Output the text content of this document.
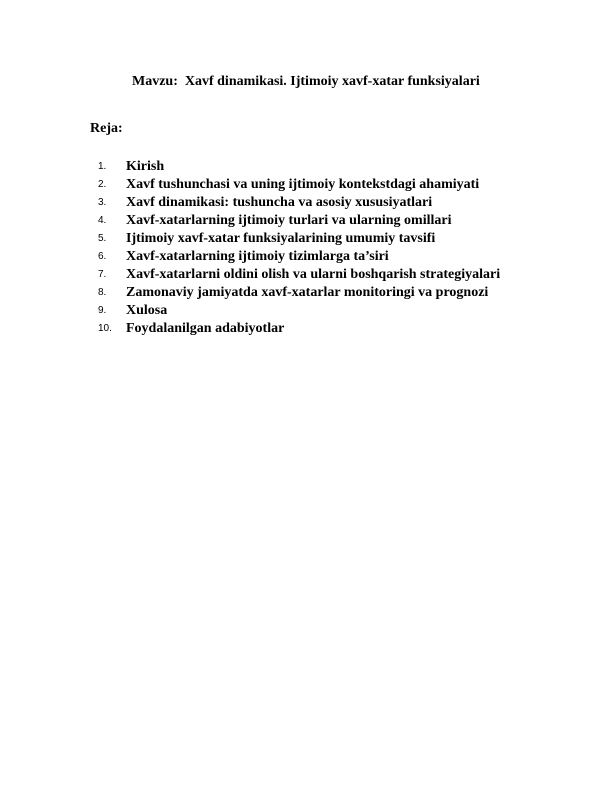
Mavzu:  Xavf dinamikasi. Ijtimoiy xavf-xatar funksiyalari
Reja:
1.	Kirish
2.	Xavf tushunchasi va uning ijtimoiy kontekstdagi ahamiyati
3.	Xavf dinamikasi: tushuncha va asosiy xususiyatlari
4.	Xavf-xatarlarning ijtimoiy turlari va ularning omillari
5.	Ijtimoiy xavf-xatar funksiyalarining umumiy tavsifi
6.	Xavf-xatarlarning ijtimoiy tizimlarga ta’siri
7.	Xavf-xatarlarni oldini olish va ularni boshqarish strategiyalari
8.	Zamonaviy jamiyatda xavf-xatarlar monitoringi va prognozi
9.	Xulosa
10.	Foydalanilgan adabiyotlar
